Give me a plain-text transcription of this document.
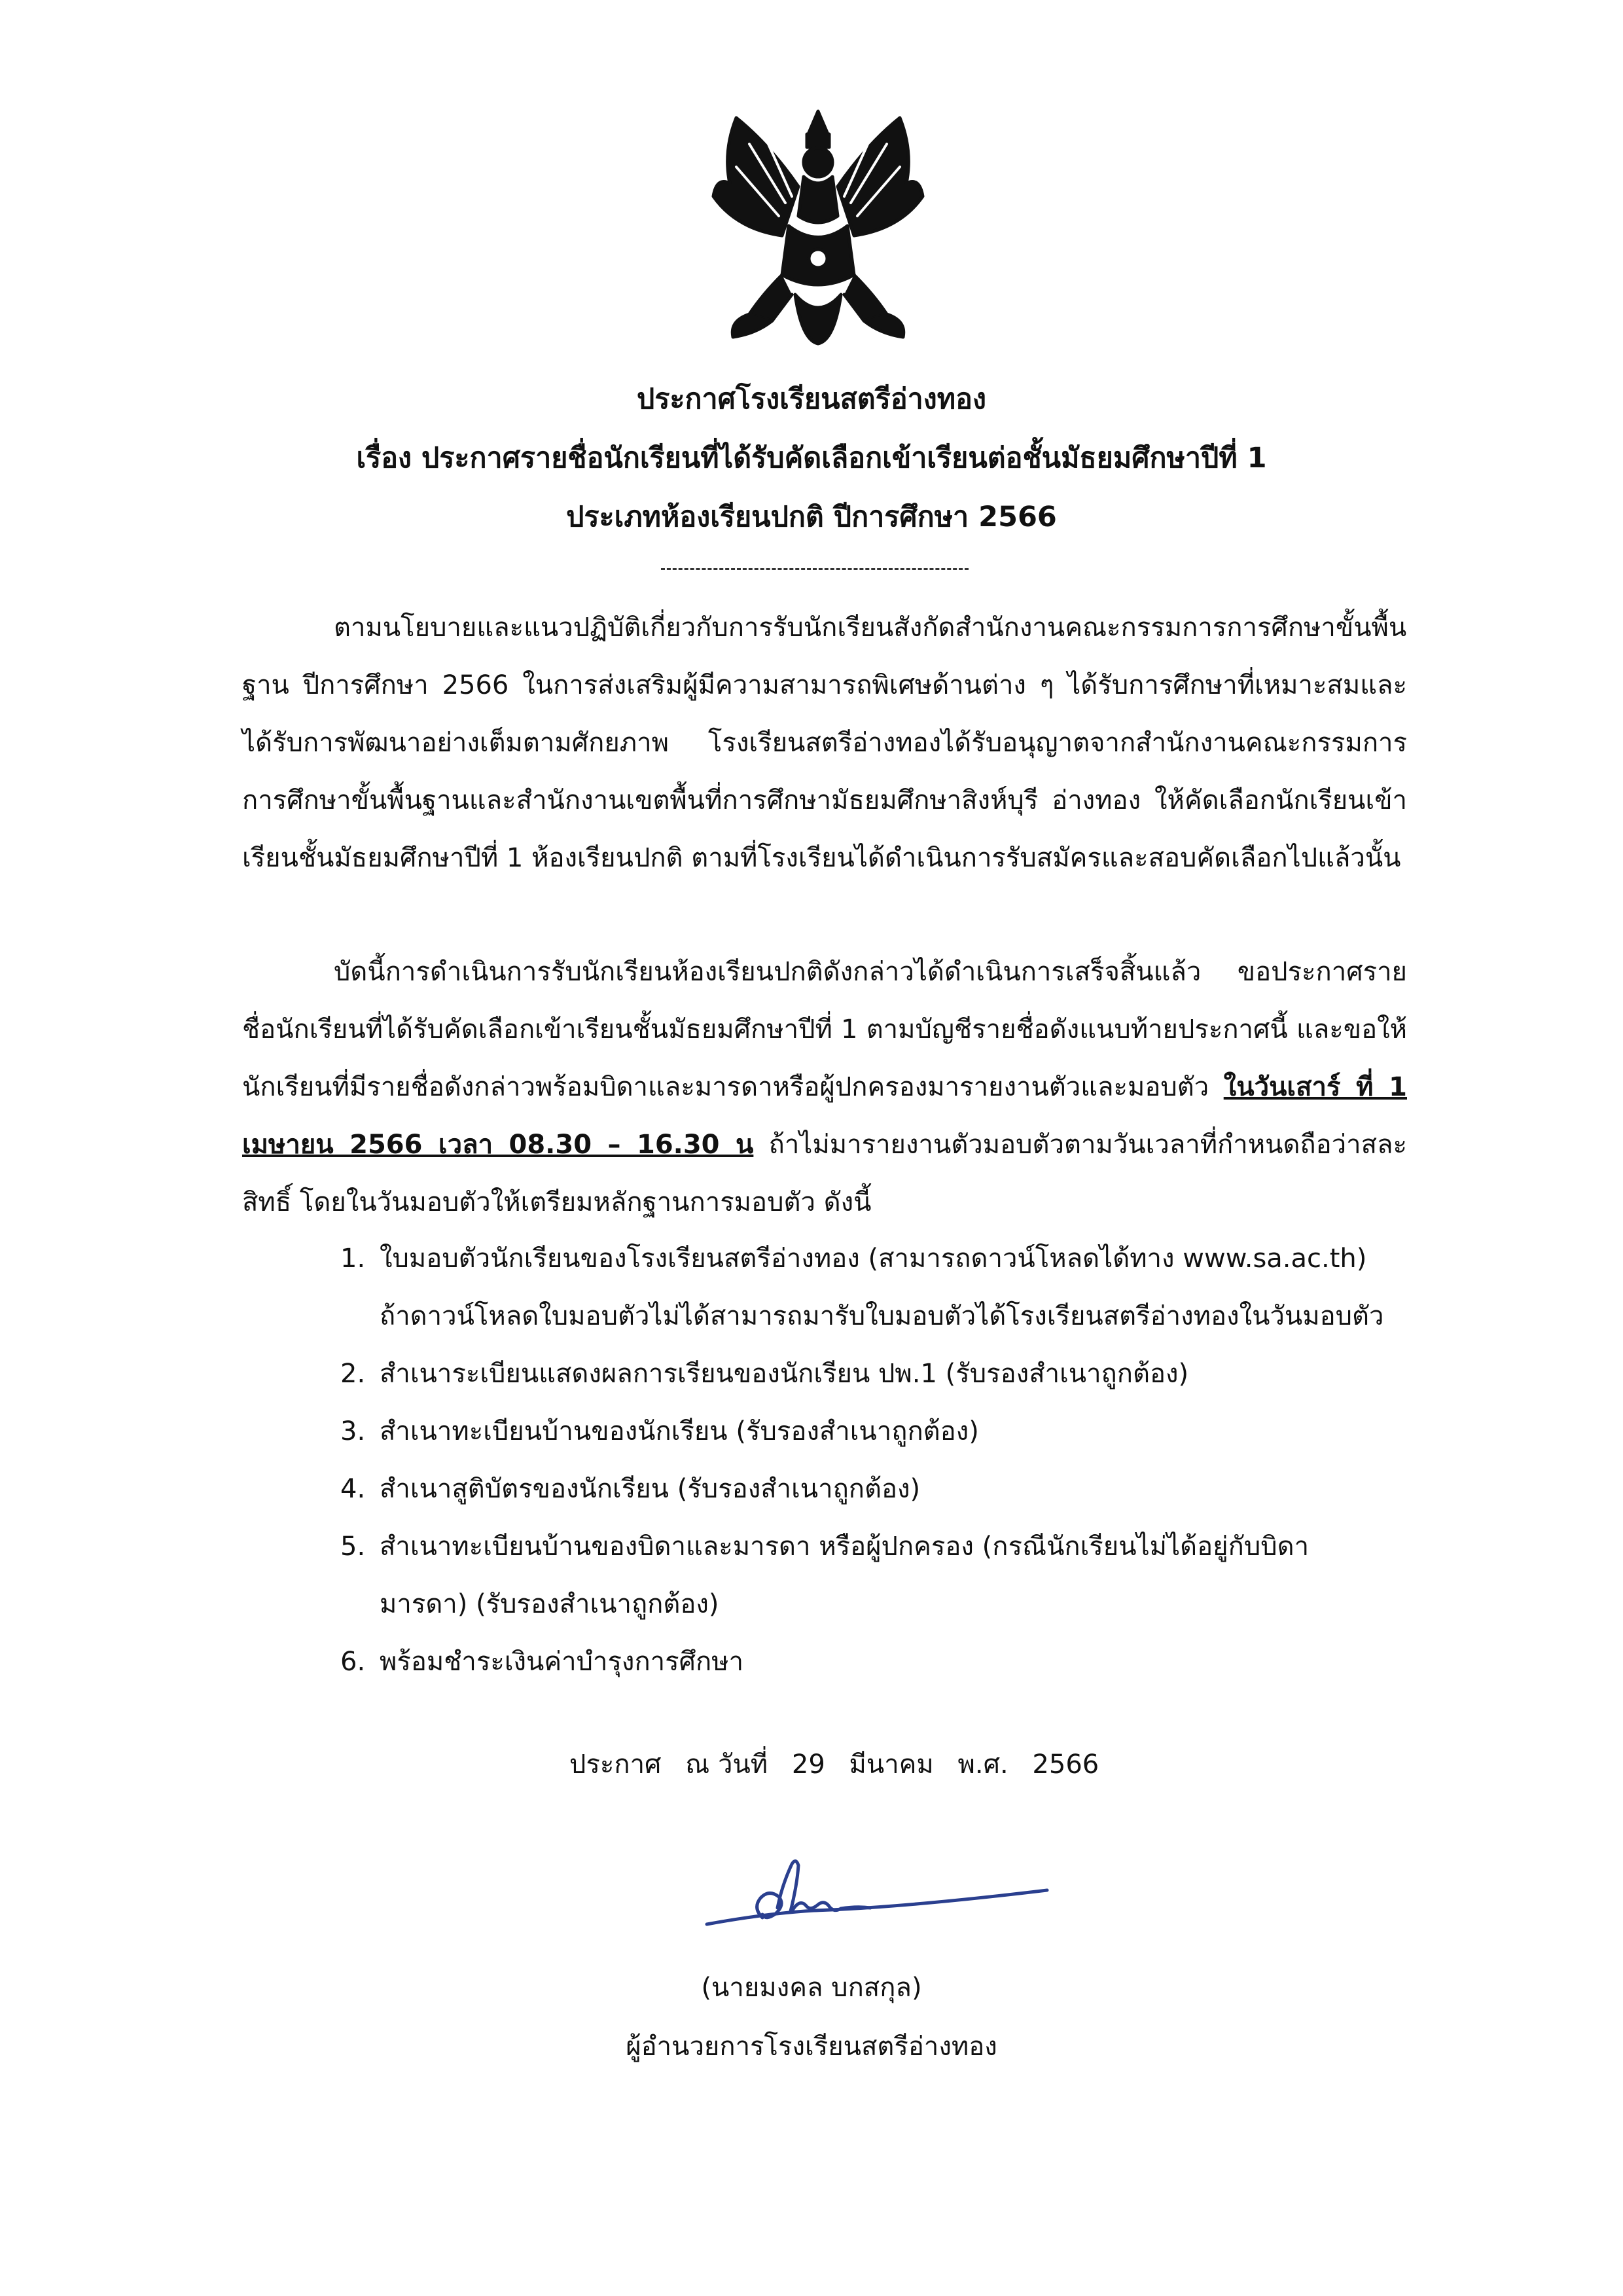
ประกาศโรงเรียนสตรีอ่างทอง
เรื่อง ประกาศรายชื่อนักเรียนที่ได้รับคัดเลือกเข้าเรียนต่อชั้นมัธยมศึกษาปีที่ 1
ประเภทห้องเรียนปกติ ปีการศึกษา 2566
ตามนโยบายและแนวปฏิบัติเกี่ยวกับการรับนักเรียนสังกัดสำนักงานคณะกรรมการการศึกษาขั้นพื้นฐาน ปีการศึกษา 2566 ในการส่งเสริมผู้มีความสามารถพิเศษด้านต่าง ๆ ได้รับการศึกษาที่เหมาะสมและได้รับการพัฒนาอย่างเต็มตามศักยภาพ โรงเรียนสตรีอ่างทองได้รับอนุญาตจากสำนักงานคณะกรรมการการศึกษาขั้นพื้นฐานและสำนักงานเขตพื้นที่การศึกษามัธยมศึกษาสิงห์บุรี อ่างทอง ให้คัดเลือกนักเรียนเข้าเรียนชั้นมัธยมศึกษาปีที่ 1 ห้องเรียนปกติ ตามที่โรงเรียนได้ดำเนินการรับสมัครและสอบคัดเลือกไปแล้วนั้น
บัดนี้การดำเนินการรับนักเรียนห้องเรียนปกติดังกล่าวได้ดำเนินการเสร็จสิ้นแล้ว ขอประกาศรายชื่อนักเรียนที่ได้รับคัดเลือกเข้าเรียนชั้นมัธยมศึกษาปีที่ 1 ตามบัญชีรายชื่อดังแนบท้ายประกาศนี้ และขอให้นักเรียนที่มีรายชื่อดังกล่าวพร้อมบิดาและมารดาหรือผู้ปกครองมารายงานตัวและมอบตัว ในวันเสาร์ ที่ 1 เมษายน 2566 เวลา 08.30 – 16.30 น ถ้าไม่มารายงานตัวมอบตัวตามวันเวลาที่กำหนดถือว่าสละสิทธิ์ โดยในวันมอบตัวให้เตรียมหลักฐานการมอบตัว ดังนี้
1. ใบมอบตัวนักเรียนของโรงเรียนสตรีอ่างทอง (สามารถดาวน์โหลดได้ทาง www.sa.ac.th)
ถ้าดาวน์โหลดใบมอบตัวไม่ได้สามารถมารับใบมอบตัวได้โรงเรียนสตรีอ่างทองในวันมอบตัว
2. สำเนาระเบียนแสดงผลการเรียนของนักเรียน ปพ.1 (รับรองสำเนาถูกต้อง)
3. สำเนาทะเบียนบ้านของนักเรียน (รับรองสำเนาถูกต้อง)
4. สำเนาสูติบัตรของนักเรียน (รับรองสำเนาถูกต้อง)
5. สำเนาทะเบียนบ้านของบิดาและมารดา หรือผู้ปกครอง (กรณีนักเรียนไม่ได้อยู่กับบิดา
มารดา) (รับรองสำเนาถูกต้อง)
6. พร้อมชำระเงินค่าบำรุงการศึกษา
ประกาศ ณ วันที่ 29 มีนาคม พ.ศ. 2566
(นายมงคล บกสกุล)
ผู้อำนวยการโรงเรียนสตรีอ่างทอง
